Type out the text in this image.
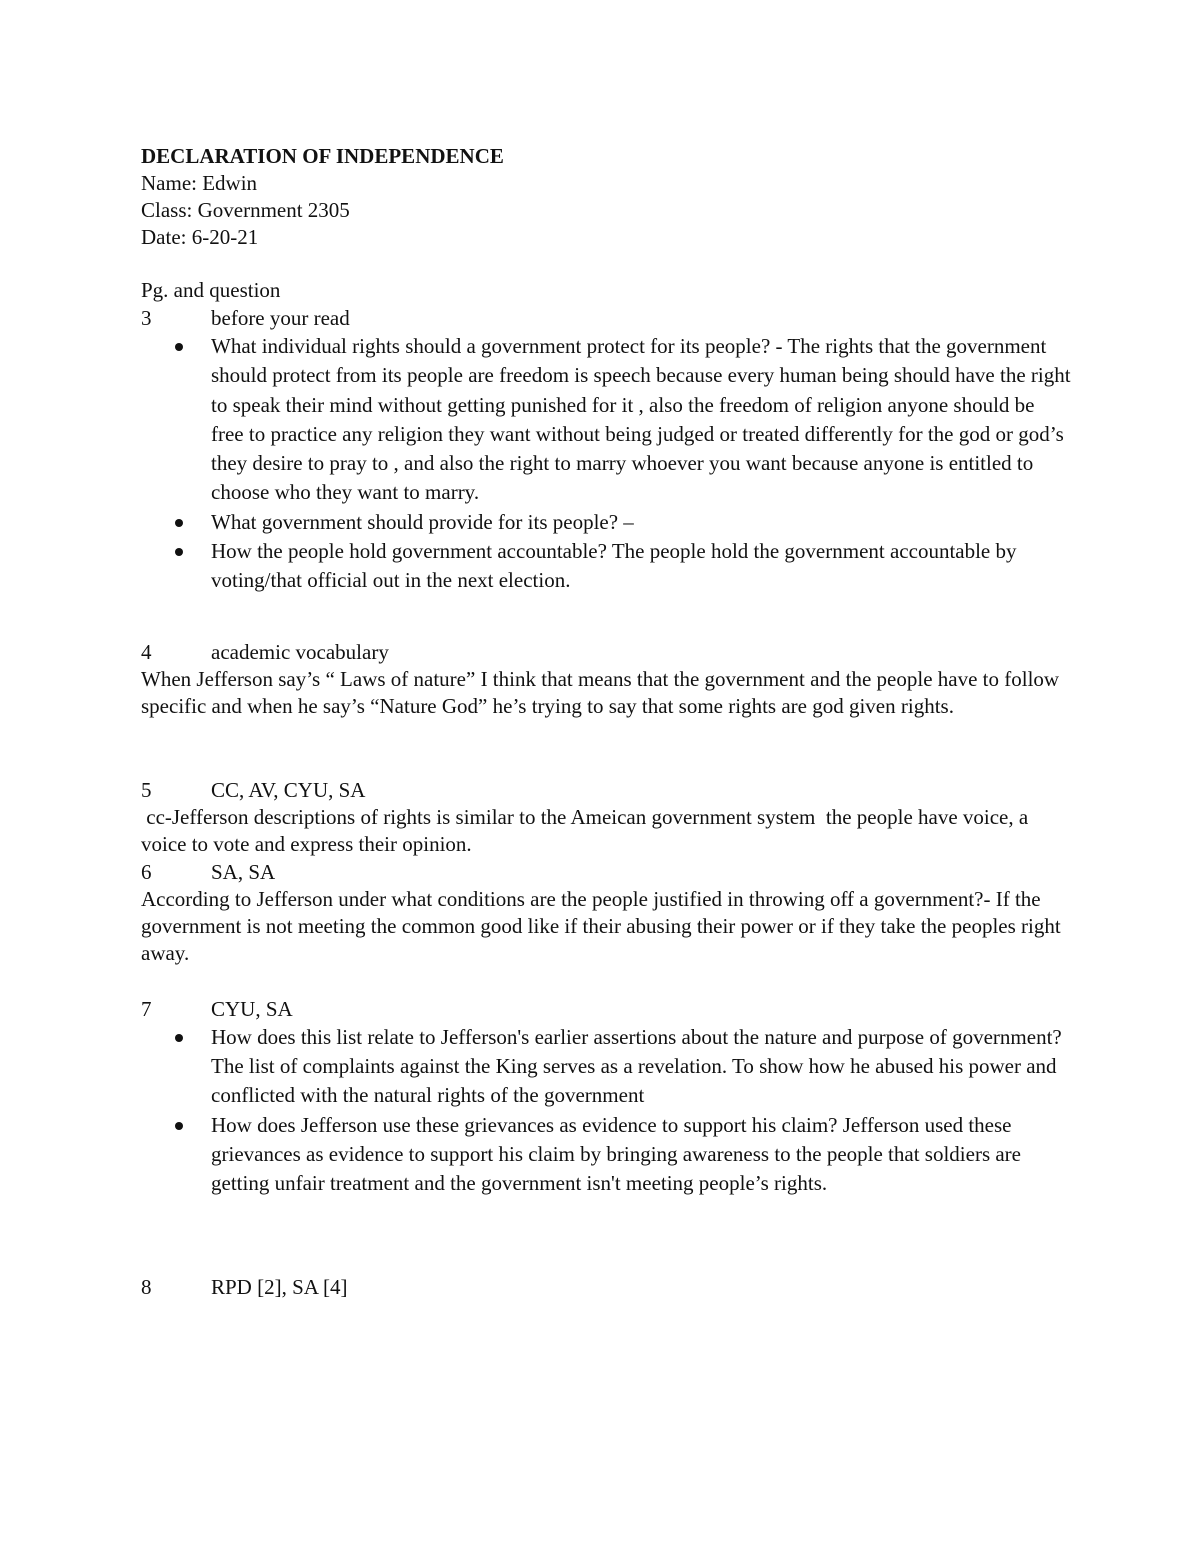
DECLARATION OF INDEPENDENCE
Name: Edwin
Class: Government 2305
Date: 6-20-21
Pg. and question
3	before your read
What individual rights should a government protect for its people? - The rights that the government should protect from its people are freedom is speech because every human being should have the right to speak their mind without getting punished for it , also the freedom of religion anyone should be free to practice any religion they want without being judged or treated differently for the god or god’s they desire to pray to , and also the right to marry whoever you want because anyone is entitled to choose who they want to marry.
What government should provide for its people? –
How the people hold government accountable? The people hold the government accountable by voting/that official out in the next election.
4	academic vocabulary
When Jefferson say’s “ Laws of nature” I think that means that the government and the people have to follow specific and when he say’s “Nature God” he’s trying to say that some rights are god given rights.
5	CC, AV, CYU, SA
cc-Jefferson descriptions of rights is similar to the Ameican government system  the people have voice, a voice to vote and express their opinion.
6	SA, SA
According to Jefferson under what conditions are the people justified in throwing off a government?- If the government is not meeting the common good like if their abusing their power or if they take the peoples right away.
7	CYU, SA
How does this list relate to Jefferson's earlier assertions about the nature and purpose of government? The list of complaints against the King serves as a revelation. To show how he abused his power and conflicted with the natural rights of the government
How does Jefferson use these grievances as evidence to support his claim? Jefferson used these grievances as evidence to support his claim by bringing awareness to the people that soldiers are getting unfair treatment and the government isn't meeting people’s rights.
8	RPD [2], SA [4]
